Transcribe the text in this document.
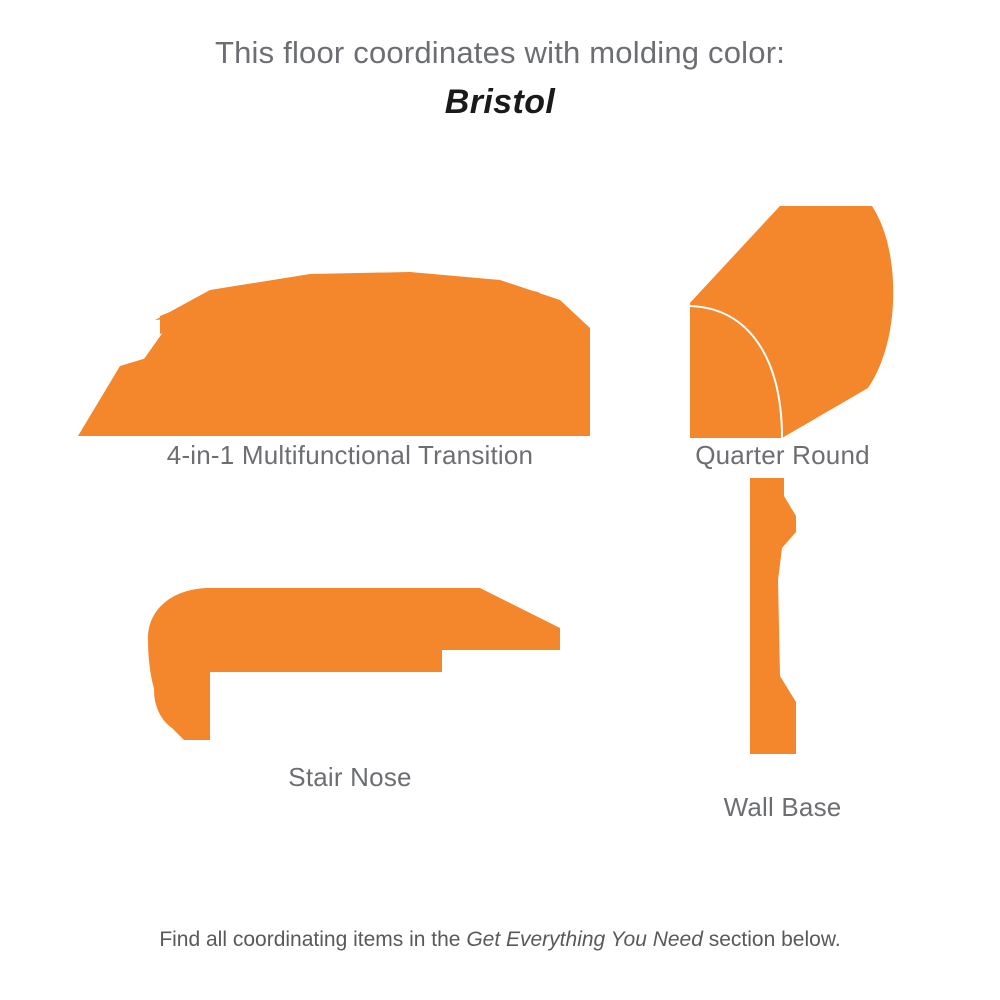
This floor coordinates with molding color:
Bristol
4-in-1 Multifunctional Transition	Quarter Round
Stair Nose
Wall Base
Find all coordinating items in the Get Everything You Need section below.
